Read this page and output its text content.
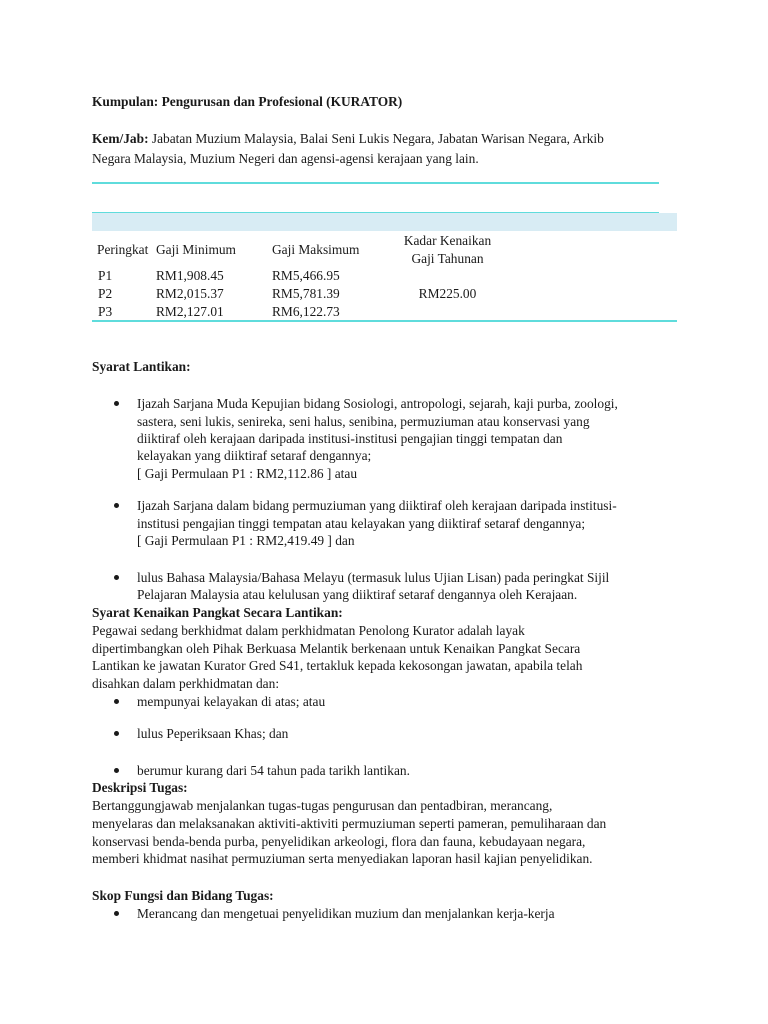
Kumpulan: Pengurusan dan Profesional (KURATOR)
Kem/Jab: Jabatan Muzium Malaysia, Balai Seni Lukis Negara, Jabatan Warisan Negara, Arkib
Negara Malaysia, Muzium Negeri dan agensi-agensi kerajaan yang lain.
Peringkat Gaji Minimum	Gaji Maksimum
Kadar Kenaikan
Gaji Tahunan
P1	RM1,908.45	RM5,466.95
P2	RM2,015.37	RM5,781.39	RM225.00
P3	RM2,127.01	RM6,122.73
Syarat Lantikan:
Ijazah Sarjana Muda Kepujian bidang Sosiologi, antropologi, sejarah, kaji purba, zoologi,
sastera, seni lukis, senireka, seni halus, senibina, permuziuman atau konservasi yang
diiktiraf oleh kerajaan daripada institusi-institusi pengajian tinggi tempatan dan
kelayakan yang diiktiraf setaraf dengannya;
[ Gaji Permulaan P1 : RM2,112.86 ] atau
Ijazah Sarjana dalam bidang permuziuman yang diiktiraf oleh kerajaan daripada institusi-
institusi pengajian tinggi tempatan atau kelayakan yang diiktiraf setaraf dengannya;
[ Gaji Permulaan P1 : RM2,419.49 ] dan
lulus Bahasa Malaysia/Bahasa Melayu (termasuk lulus Ujian Lisan) pada peringkat Sijil
Pelajaran Malaysia atau kelulusan yang diiktiraf setaraf dengannya oleh Kerajaan.
Syarat Kenaikan Pangkat Secara Lantikan:
Pegawai sedang berkhidmat dalam perkhidmatan Penolong Kurator adalah layak
dipertimbangkan oleh Pihak Berkuasa Melantik berkenaan untuk Kenaikan Pangkat Secara
Lantikan ke jawatan Kurator Gred S41, tertakluk kepada kekosongan jawatan, apabila telah
disahkan dalam perkhidmatan dan:
mempunyai kelayakan di atas; atau
lulus Peperiksaan Khas; dan
berumur kurang dari 54 tahun pada tarikh lantikan.
Deskripsi Tugas:
Bertanggungjawab menjalankan tugas-tugas pengurusan dan pentadbiran, merancang,
menyelaras dan melaksanakan aktiviti-aktiviti permuziuman seperti pameran, pemuliharaan dan
konservasi benda-benda purba, penyelidikan arkeologi, flora dan fauna, kebudayaan negara,
memberi khidmat nasihat permuziuman serta menyediakan laporan hasil kajian penyelidikan.
Skop Fungsi dan Bidang Tugas:
Merancang dan mengetuai penyelidikan muzium dan menjalankan kerja-kerja
